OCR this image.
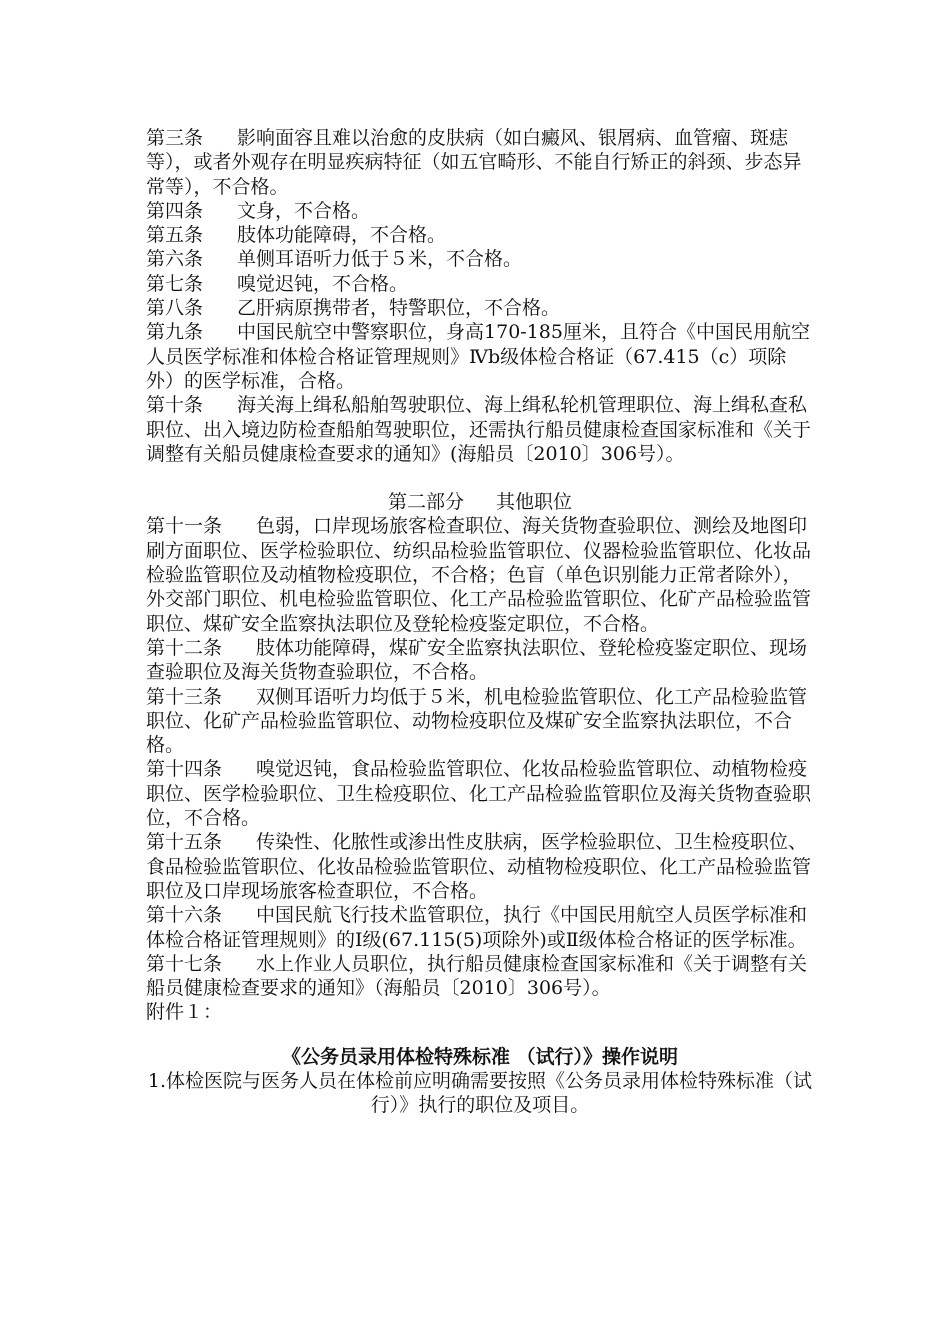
第三条 影响面容且难以治愈的皮肤病（如白癜风、银屑病、血管瘤、斑痣等），或者外观存在明显疾病特征（如五官畸形、不能自行矫正的斜颈、步态异常等），不合格。

第四条 文身，不合格。

第五条 肢体功能障碍，不合格。

第六条 单侧耳语听力低于５米，不合格。

第七条 嗅觉迟钝，不合格。

第八条 乙肝病原携带者，特警职位，不合格。

第九条 中国民航空中警察职位，身高170-185厘米，且符合《中国民用航空人员医学标准和体检合格证管理规则》Ⅳb级体检合格证（67.415（c）项除外）的医学标准，合格。

第十条 海关海上缉私船舶驾驶职位、海上缉私轮机管理职位、海上缉私查私职位、出入境边防检查船舶驾驶职位，还需执行船员健康检查国家标准和《关于调整有关船员健康检查要求的通知》(海船员〔2010〕306号）。

第二部分 其他职位

第十一条 色弱，口岸现场旅客检查职位、海关货物查验职位、测绘及地图印刷方面职位、医学检验职位、纺织品检验监管职位、仪器检验监管职位、化妆品检验监管职位及动植物检疫职位，不合格；色盲（单色识别能力正常者除外），外交部门职位、机电检验监管职位、化工产品检验监管职位、化矿产品检验监管职位、煤矿安全监察执法职位及登轮检疫鉴定职位，不合格。

第十二条 肢体功能障碍，煤矿安全监察执法职位、登轮检疫鉴定职位、现场查验职位及海关货物查验职位，不合格。

第十三条 双侧耳语听力均低于５米，机电检验监管职位、化工产品检验监管职位、化矿产品检验监管职位、动物检疫职位及煤矿安全监察执法职位，不合格。

第十四条 嗅觉迟钝，食品检验监管职位、化妆品检验监管职位、动植物检疫职位、医学检验职位、卫生检疫职位、化工产品检验监管职位及海关货物查验职位，不合格。

第十五条 传染性、化脓性或渗出性皮肤病，医学检验职位、卫生检疫职位、食品检验监管职位、化妆品检验监管职位、动植物检疫职位、化工产品检验监管职位及口岸现场旅客检查职位，不合格。

第十六条 中国民航飞行技术监管职位，执行《中国民用航空人员医学标准和体检合格证管理规则》的Ⅰ级(67.115(5)项除外)或Ⅱ级体检合格证的医学标准。

第十七条 水上作业人员职位，执行船员健康检查国家标准和《关于调整有关船员健康检查要求的通知》（海船员〔2010〕306号）。

附件１：

《公务员录用体检特殊标准 （试行）》操作说明

1.体检医院与医务人员在体检前应明确需要按照《公务员录用体检特殊标准（试行）》执行的职位及项目。
